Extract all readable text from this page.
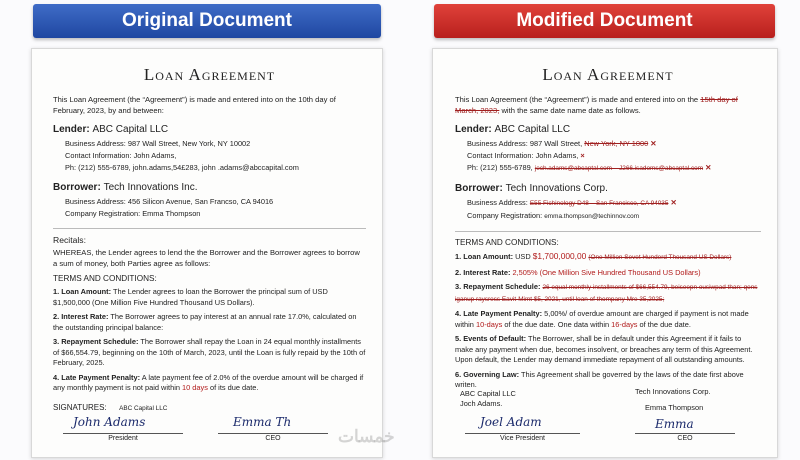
Original Document	Modified Document
Loan Agreement
This Loan Agreement (the “Agreement”) is made and entered into on the 10th day of February, 2023, by and between:
Lender: ABC Capital LLC
Business Address: 987 Wall Street, New York, NY 10002
Contact Information: John Adams,
Ph: (212) 555-6789, john.adams,54£283, john .adams@abccapital.com
Borrower: Tech Innovations Inc.
Business Address: 456 Silicon Avenue, San Francso, CA 94016
Company Registration: Emma Thompson
Recitals:
WHEREAS, the Lender agrees to lend the the Borrower and the Borrower agrees to borrow a sum of money, both Parties agree as follows:
TERMS AND CONDITIONS:
1. Loan Amount: The Lender agrees to loan the Borrower the principal sum of USD $1,500,000 (One Million Five Hundred Thousand US Dollars).
2. Interest Rate: The Borrower agrees to pay interest at an annual rate 17.0%, calculated on the outstanding principal balance:
3. Repayment Schedule: The Borrower shall repay the Loan in 24 equal monthly installments of $66,554.79, beginning on the 10th of March, 2023, until the Loan is fully repaid by the 10th of February, 2025.
4. Late Payment Penalty: A late payment fee of 2.0% of the overdue amount will be charged if any monthly payment is not paid within 10 days of its due date.
SIGNATURES: ABC Capital LLC
John Adams
President
Emma Th
CEO
Loan Agreement
This Loan Agreement (the “Agreement”) is made and entered into on the 15th day of March, 2023, with the same date name date as follows.
Lender: ABC Capital LLC
Business Address: 987 Wall Street, New York, NY 1000 ✕
Contact Information: John Adams, ×
Ph: (212) 555-6789, jech.adams@abcaptal.com – J266.isadoms@abcaptal.com ✕
Borrower: Tech Innovations Corp.
Business Address: E55 Fichinology D48 – San Francisco, CA 94035 ✕
Company Registration: emma.thompson@techinnov.com
TERMS AND CONDITIONS:
1. Loan Amount: USD $1,700,000,00 (One Million Sevet Hunderd Thousand US Dollars)
2. Interest Rate: 2,505% (One Million Sive Hundred Thousand US Dollars)
3. Repayment Schedule: 26 equal monthly installments of $66,554.79, beiseepn ousiwpad than; qens iganup raysress Eavit-Mimt $5, 2021, until loan of thompany Mre 35,2025;
4. Late Payment Penalty: 5,00%/ of overdue amount are charged if payment is not made within 10-days of the due date. One data within 16-days of the due date.
5. Events of Default: The Borrower, shall be in default under this Agreement if it fails to make any payment when due, becomes insolvent, or breaches any term of this Agreement. Upon default, the Lender may demand immediate repayment of all outstanding amounts.
6. Governing Law: This Agreement shall be goverred by the laws of the date first above writen.
ABC Capital LLC
Joch Adams.
Joel Adam
Vice President
Tech Innovations Corp.
Emma Thompson
Emma
CEO
خمسات
